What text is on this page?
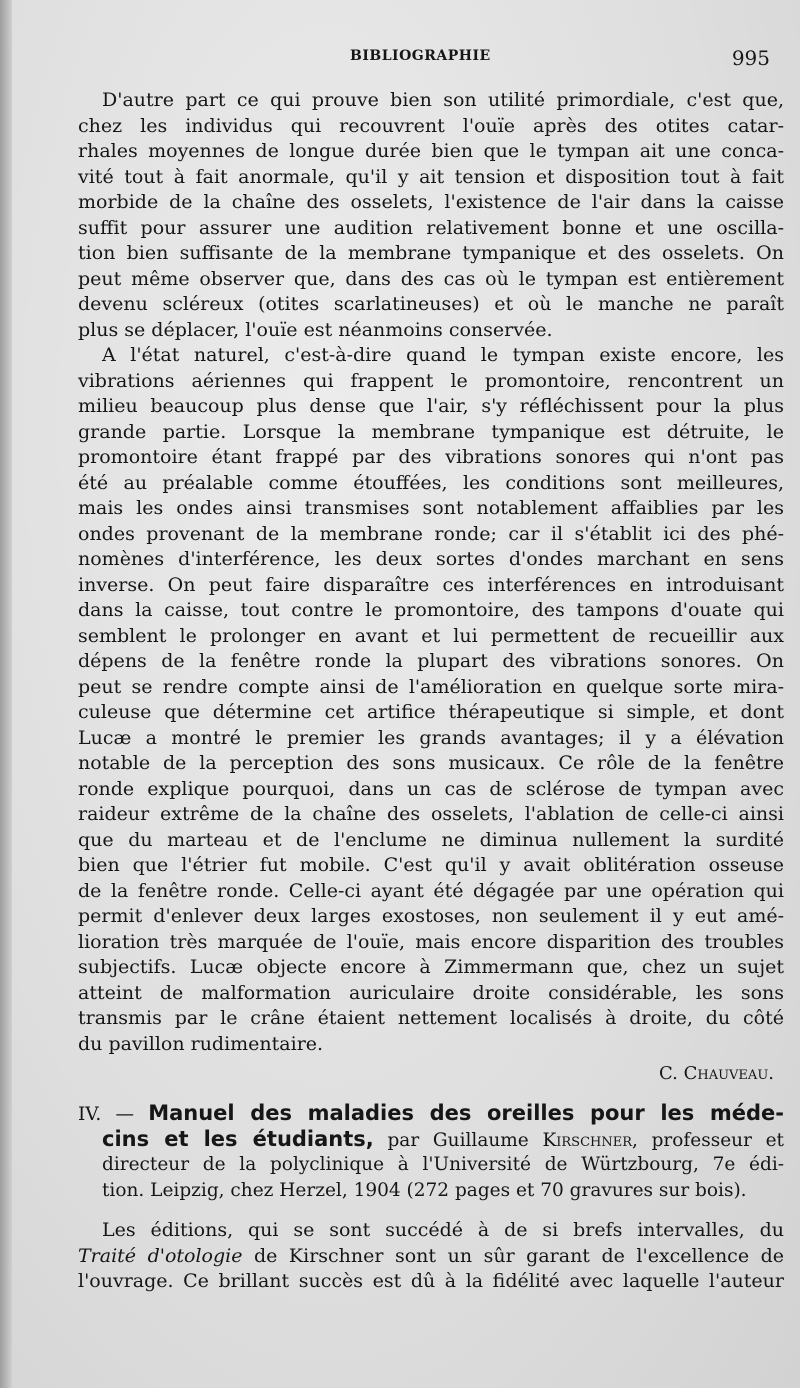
BIBLIOGRAPHIE	995
D'autre part ce qui prouve bien son utilité primordiale, c'est que,
chez les individus qui recouvrent l'ouïe après des otites catar-
rhales moyennes de longue durée bien que le tympan ait une conca-
vité tout à fait anormale, qu'il y ait tension et disposition tout à fait
morbide de la chaîne des osselets, l'existence de l'air dans la caisse
suffit pour assurer une audition relativement bonne et une oscilla-
tion bien suffisante de la membrane tympanique et des osselets. On
peut même observer que, dans des cas où le tympan est entièrement
devenu scléreux (otites scarlatineuses) et où le manche ne paraît
plus se déplacer, l'ouïe est néanmoins conservée.
A l'état naturel, c'est-à-dire quand le tympan existe encore, les
vibrations aériennes qui frappent le promontoire, rencontrent un
milieu beaucoup plus dense que l'air, s'y réfléchissent pour la plus
grande partie. Lorsque la membrane tympanique est détruite, le
promontoire étant frappé par des vibrations sonores qui n'ont pas
été au préalable comme étouffées, les conditions sont meilleures,
mais les ondes ainsi transmises sont notablement affaiblies par les
ondes provenant de la membrane ronde; car il s'établit ici des phé-
nomènes d'interférence, les deux sortes d'ondes marchant en sens
inverse. On peut faire disparaître ces interférences en introduisant
dans la caisse, tout contre le promontoire, des tampons d'ouate qui
semblent le prolonger en avant et lui permettent de recueillir aux
dépens de la fenêtre ronde la plupart des vibrations sonores. On
peut se rendre compte ainsi de l'amélioration en quelque sorte mira-
culeuse que détermine cet artifice thérapeutique si simple, et dont
Lucæ a montré le premier les grands avantages; il y a élévation
notable de la perception des sons musicaux. Ce rôle de la fenêtre
ronde explique pourquoi, dans un cas de sclérose de tympan avec
raideur extrême de la chaîne des osselets, l'ablation de celle-ci ainsi
que du marteau et de l'enclume ne diminua nullement la surdité
bien que l'étrier fut mobile. C'est qu'il y avait oblitération osseuse
de la fenêtre ronde. Celle-ci ayant été dégagée par une opération qui
permit d'enlever deux larges exostoses, non seulement il y eut amé-
lioration très marquée de l'ouïe, mais encore disparition des troubles
subjectifs. Lucæ objecte encore à Zimmermann que, chez un sujet
atteint de malformation auriculaire droite considérable, les sons
transmis par le crâne étaient nettement localisés à droite, du côté
du pavillon rudimentaire.
C. Chauveau.
IV. — Manuel des maladies des oreilles pour les méde-
cins et les étudiants, par Guillaume Kirschner, professeur et
directeur de la polyclinique à l'Université de Würtzbourg, 7e édi-
tion. Leipzig, chez Herzel, 1904 (272 pages et 70 gravures sur bois).
Les éditions, qui se sont succédé à de si brefs intervalles, du
Traité d'otologie de Kirschner sont un sûr garant de l'excellence de
l'ouvrage. Ce brillant succès est dû à la fidélité avec laquelle l'auteur
